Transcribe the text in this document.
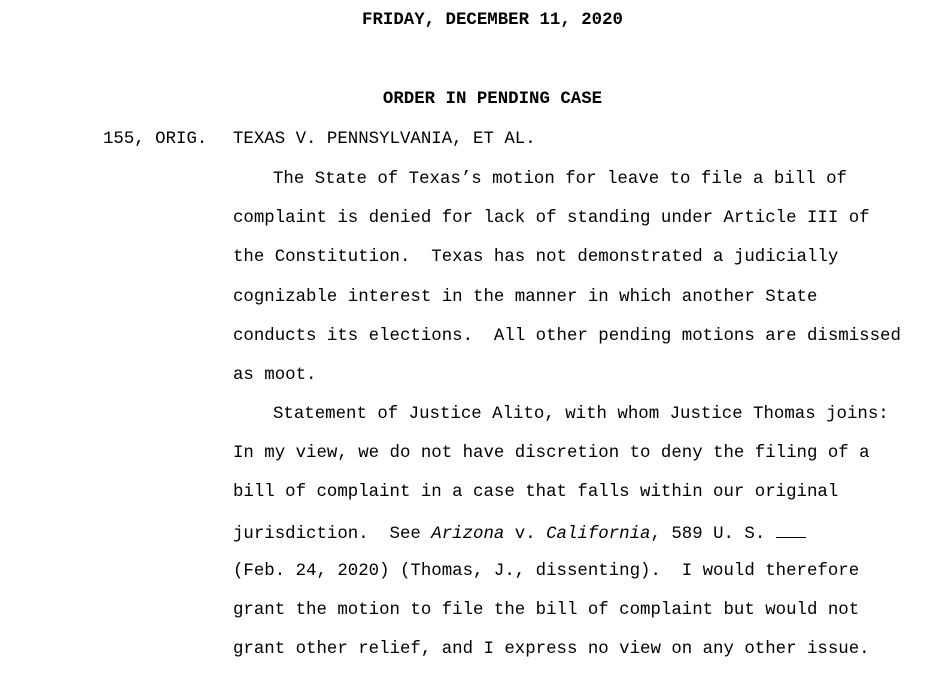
FRIDAY, DECEMBER 11, 2020
ORDER IN PENDING CASE
155, ORIG. TEXAS V. PENNSYLVANIA, ET AL.
The State of Texas’s motion for leave to file a bill of
complaint is denied for lack of standing under Article III of
the Constitution.  Texas has not demonstrated a judicially
cognizable interest in the manner in which another State
conducts its elections.  All other pending motions are dismissed
as moot.
Statement of Justice Alito, with whom Justice Thomas joins:
In my view, we do not have discretion to deny the filing of a
bill of complaint in a case that falls within our original
jurisdiction.  See Arizona v. California, 589 U. S.
(Feb. 24, 2020) (Thomas, J., dissenting).  I would therefore
grant the motion to file the bill of complaint but would not
grant other relief, and I express no view on any other issue.
